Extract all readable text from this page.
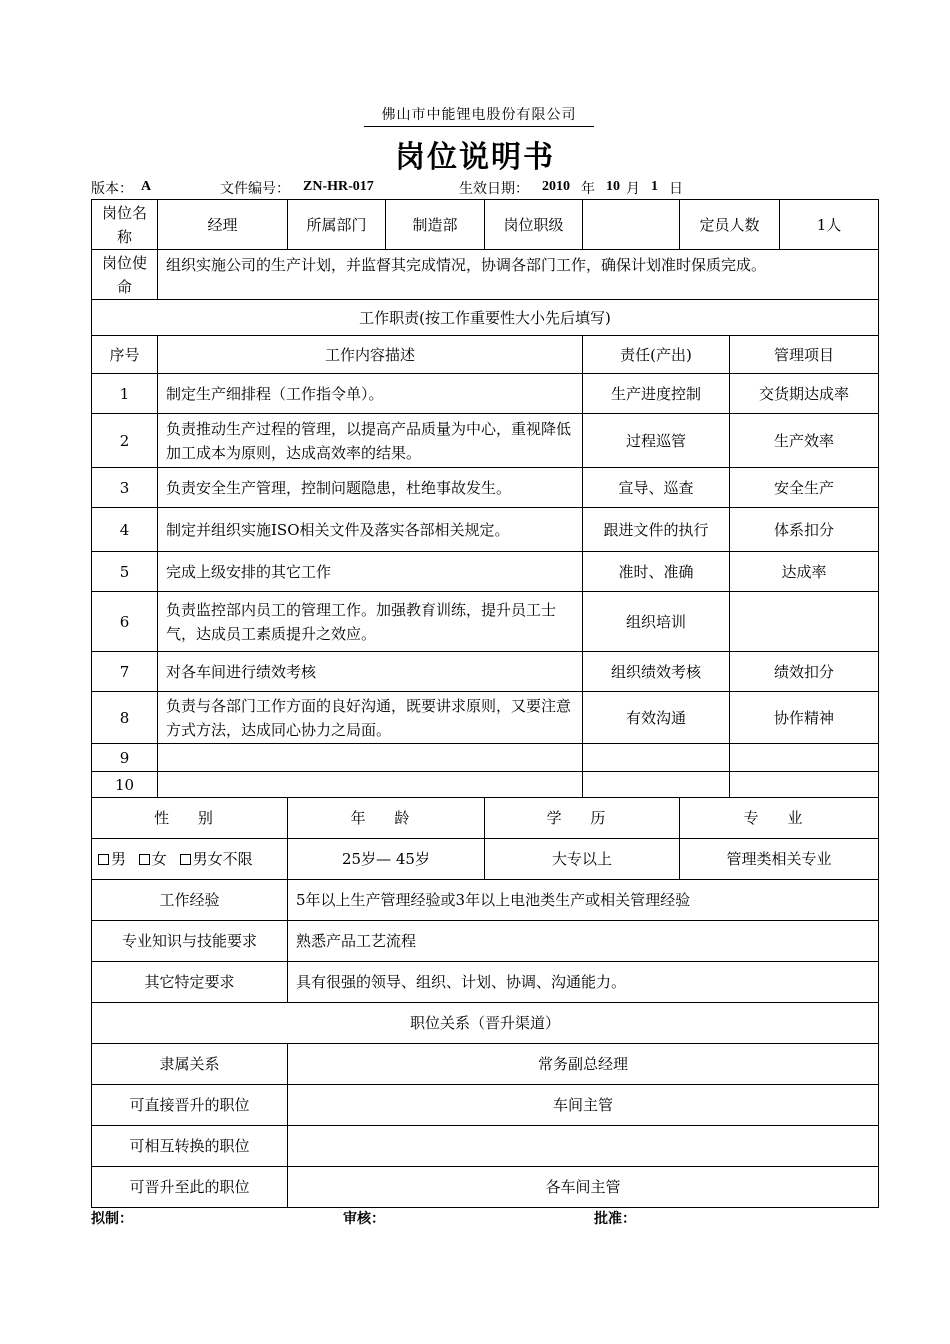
佛山市中能锂电股份有限公司
岗位说明书
版本： A	文件编号： ZN-HR-017	生效日期： 2010 年 10 月 1 日
岗位名称	经理	所属部门	制造部	岗位职级		定员人数		1人
岗位使命	组织实施公司的生产计划，并监督其完成情况，协调各部门工作，确保计划准时保质完成。							
工作职责(按工作重要性大小先后填写)								
序号	工作内容描述				责任(产出)		管理项目	
1	制定生产细排程（工作指令单）。				生产进度控制		交货期达成率	
2	负责推动生产过程的管理，以提高产品质量为中心，重视降低加工成本为原则，达成高效率的结果。				过程巡管		生产效率	
3	负责安全生产管理，控制问题隐患，杜绝事故发生。				宣导、巡查		安全生产	
4	制定并组织实施ISO相关文件及落实各部相关规定。				跟进文件的执行		体系扣分	
5	完成上级安排的其它工作				准时、准确		达成率	
6	负责监控部内员工的管理工作。加强教育训练，提升员工士气，达成员工素质提升之效应。				组织培训			
7	对各车间进行绩效考核				组织绩效考核		绩效扣分	
8	负责与各部门工作方面的良好沟通，既要讲求原则，又要注意方式方法，达成同心协力之局面。				有效沟通		协作精神	
9								
10								
性 别		年 龄		学 历		专 业		
男 女 男女不限		25岁— 45岁		大专以上		管理类相关专业		
工作经验		5年以上生产管理经验或3年以上电池类生产或相关管理经验						
专业知识与技能要求		熟悉产品工艺流程						
其它特定要求		具有很强的领导、组织、计划、协调、沟通能力。						
职位关系（晋升渠道）								
隶属关系		常务副总经理						
可直接晋升的职位		车间主管						
可相互转换的职位								
可晋升至此的职位		各车间主管						
拟制：	审核：	批准：
